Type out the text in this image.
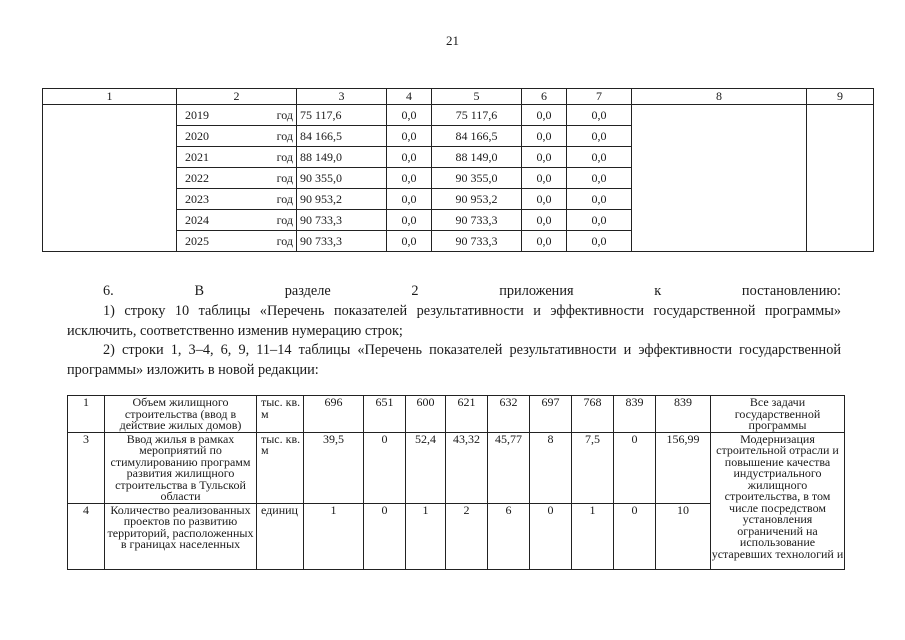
21
1	2	3	4	5	6	7	8	9

	2019 год	75 117,6	0,0	75 117,6	0,0	0,0		

	2020 год	84 166,5	0,0	84 166,5	0,0	0,0		

	2021 год	88 149,0	0,0	88 149,0	0,0	0,0		

	2022 год	90 355,0	0,0	90 355,0	0,0	0,0		

	2023 год	90 953,2	0,0	90 953,2	0,0	0,0		

	2024 год	90 733,3	0,0	90 733,3	0,0	0,0		

	2025 год	90 733,3	0,0	90 733,3	0,0	0,0		
6. В разделе 2 приложения к постановлению:
1) строку 10 таблицы «Перечень показателей результативности и эффективности государственной программы»
исключить, соответственно изменив нумерацию строк;
2) строки 1, 3–4, 6, 9, 11–14 таблицы «Перечень показателей результативности и эффективности государственной
программы» изложить в новой редакции:
1	Объем жилищного строительства (ввод в действие жилых домов)	тыс. кв. м	696	651	600	621	632	697	768	839	839	Все задачи государственной программы
3	Ввод жилья в рамках мероприятий по стимулированию программ развития жилищного строительства в Тульской области	тыс. кв. м	39,5	0	52,4	43,32	45,77	8	7,5	0	156,99	Модернизация строительной отрасли и повышение качества индустриального жилищного строительства, в том числе посредством установления ограничений на использование устаревших технологий и
4	Количество реализованных проектов по развитию территорий, расположенных в границах населенных	единиц	1	0	1	2	6	0	1	0	10	
